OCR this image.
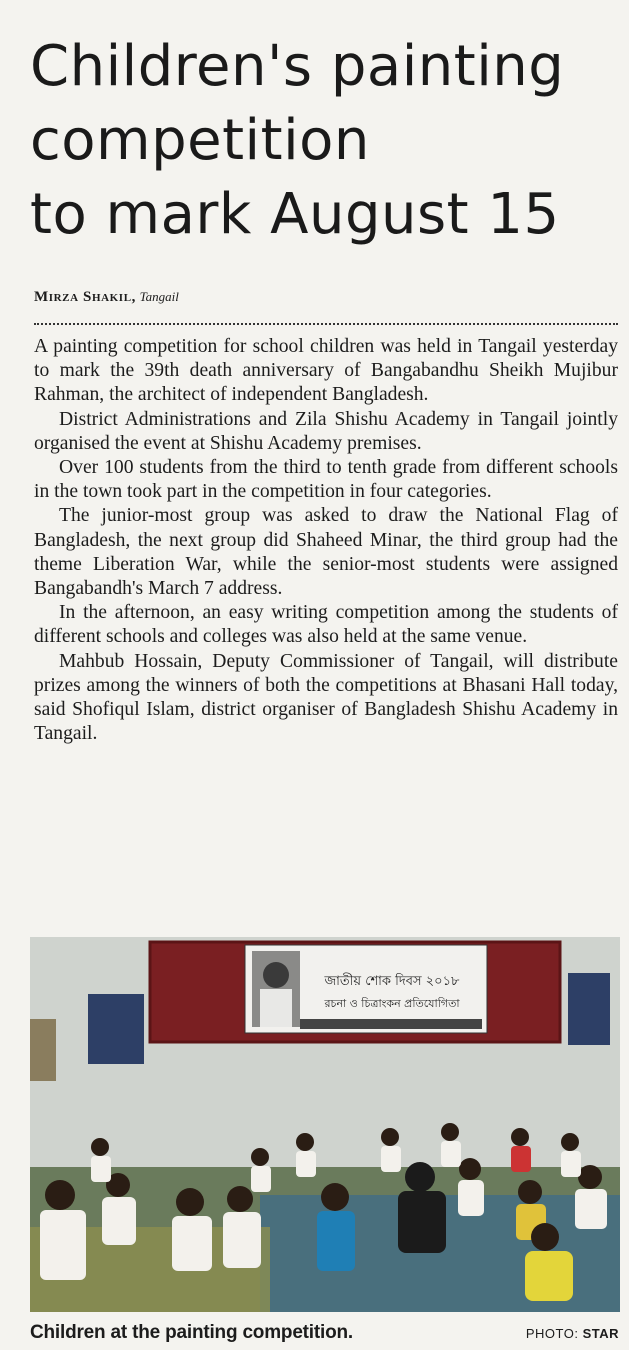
Children's painting
competition
to mark August 15
Mirza Shakil, Tangail

A painting competition for school children was held in Tangail yesterday to mark the 39th death anniversary of Bangabandhu Sheikh Mujibur Rahman, the architect of independent Bangladesh.

District Administrations and Zila Shishu Academy in Tangail jointly organised the event at Shishu Academy premises.

Over 100 students from the third to tenth grade from different schools in the town took part in the competition in four categories.

The junior-most group was asked to draw the National Flag of Bangladesh, the next group did Shaheed Minar, the third group had the theme Liberation War, while the senior-most students were assigned Bangabandh's March 7 address.

In the afternoon, an easy writing competition among the students of different schools and colleges was also held at the same venue.

Mahbub Hossain, Deputy Commissioner of Tangail, will distribute prizes among the winners of both the competitions at Bhasani Hall today, said Shofiqul Islam, district organiser of Bangladesh Shishu Academy in Tangail.

জাতীয় শোক দিবস ২০১৮
রচনা ও চিত্রাংকন প্রতিযোগিতা
Children at the painting competition.	PHOTO: STAR
